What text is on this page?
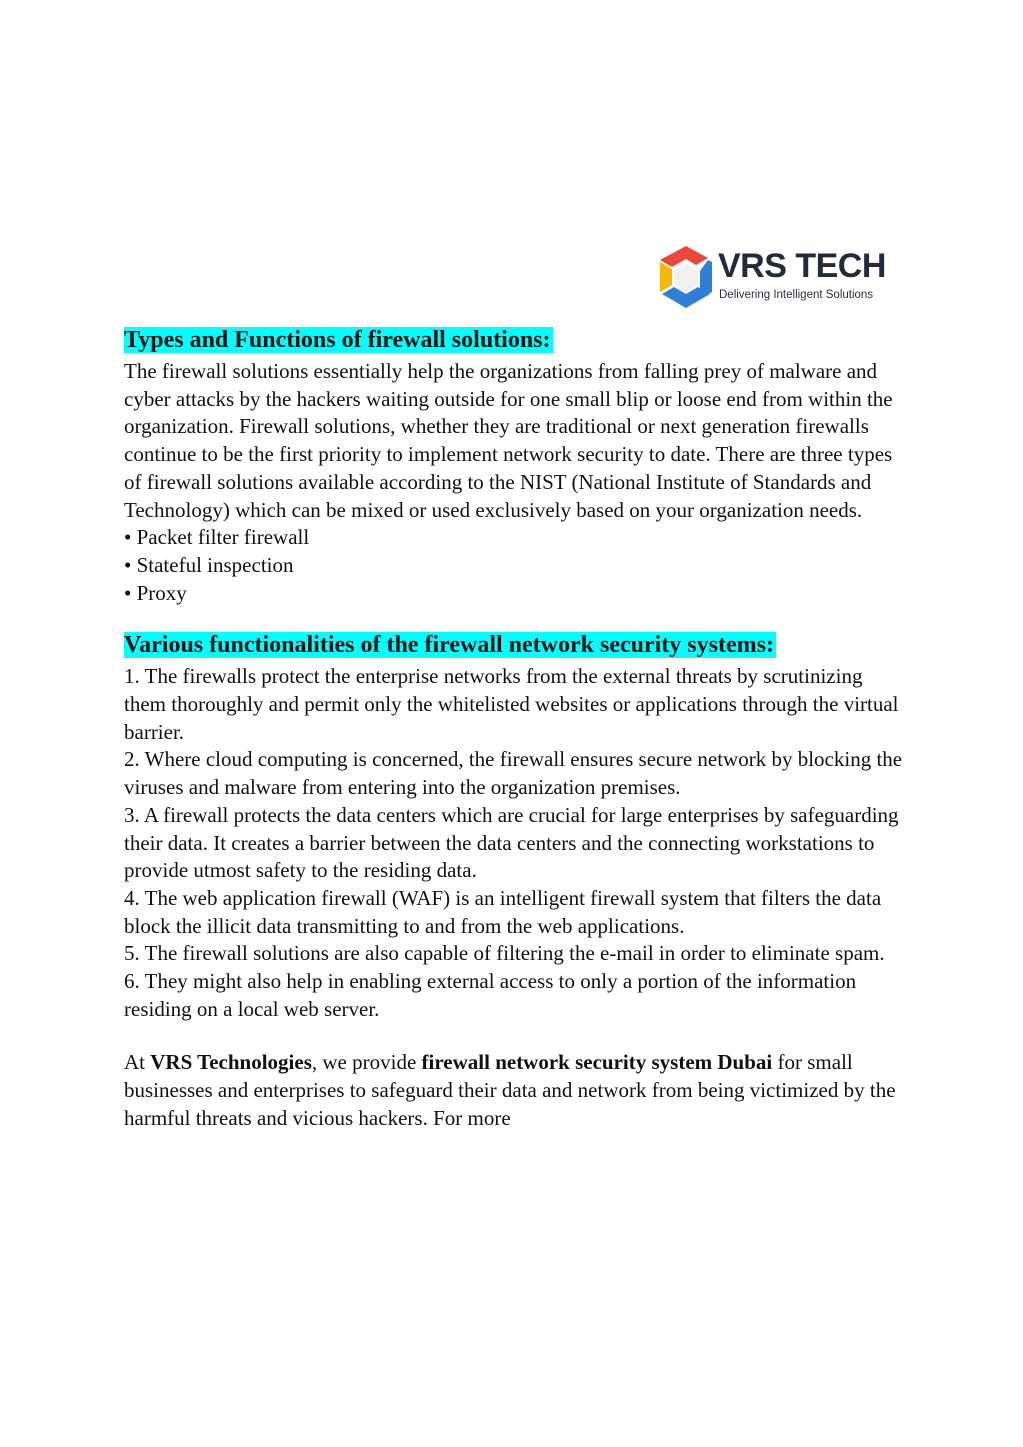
VRS TECH
Delivering Intelligent Solutions
Types and Functions of firewall solutions:

The firewall solutions essentially help the organizations from falling prey of malware and cyber attacks by the hackers waiting outside for one small blip or loose end from within the organization. Firewall solutions, whether they are traditional or next generation firewalls continue to be the first priority to implement network security to date. There are three types of firewall solutions available according to the NIST (National Institute of Standards and Technology) which can be mixed or used exclusively based on your organization needs.

• Packet filter firewall
• Stateful inspection
• Proxy
Various functionalities of the firewall network security systems:

1. The firewalls protect the enterprise networks from the external threats by scrutinizing them thoroughly and permit only the whitelisted websites or applications through the virtual barrier.

2. Where cloud computing is concerned, the firewall ensures secure network by blocking the viruses and malware from entering into the organization premises.

3. A firewall protects the data centers which are crucial for large enterprises by safeguarding their data. It creates a barrier between the data centers and the connecting workstations to provide utmost safety to the residing data.

4. The web application firewall (WAF) is an intelligent firewall system that filters the data block the illicit data transmitting to and from the web applications.

5. The firewall solutions are also capable of filtering the e-mail in order to eliminate spam.

6. They might also help in enabling external access to only a portion of the information residing on a local web server.

At VRS Technologies, we provide firewall network security system Dubai for small businesses and enterprises to safeguard their data and network from being victimized by the harmful threats and vicious hackers. For more
